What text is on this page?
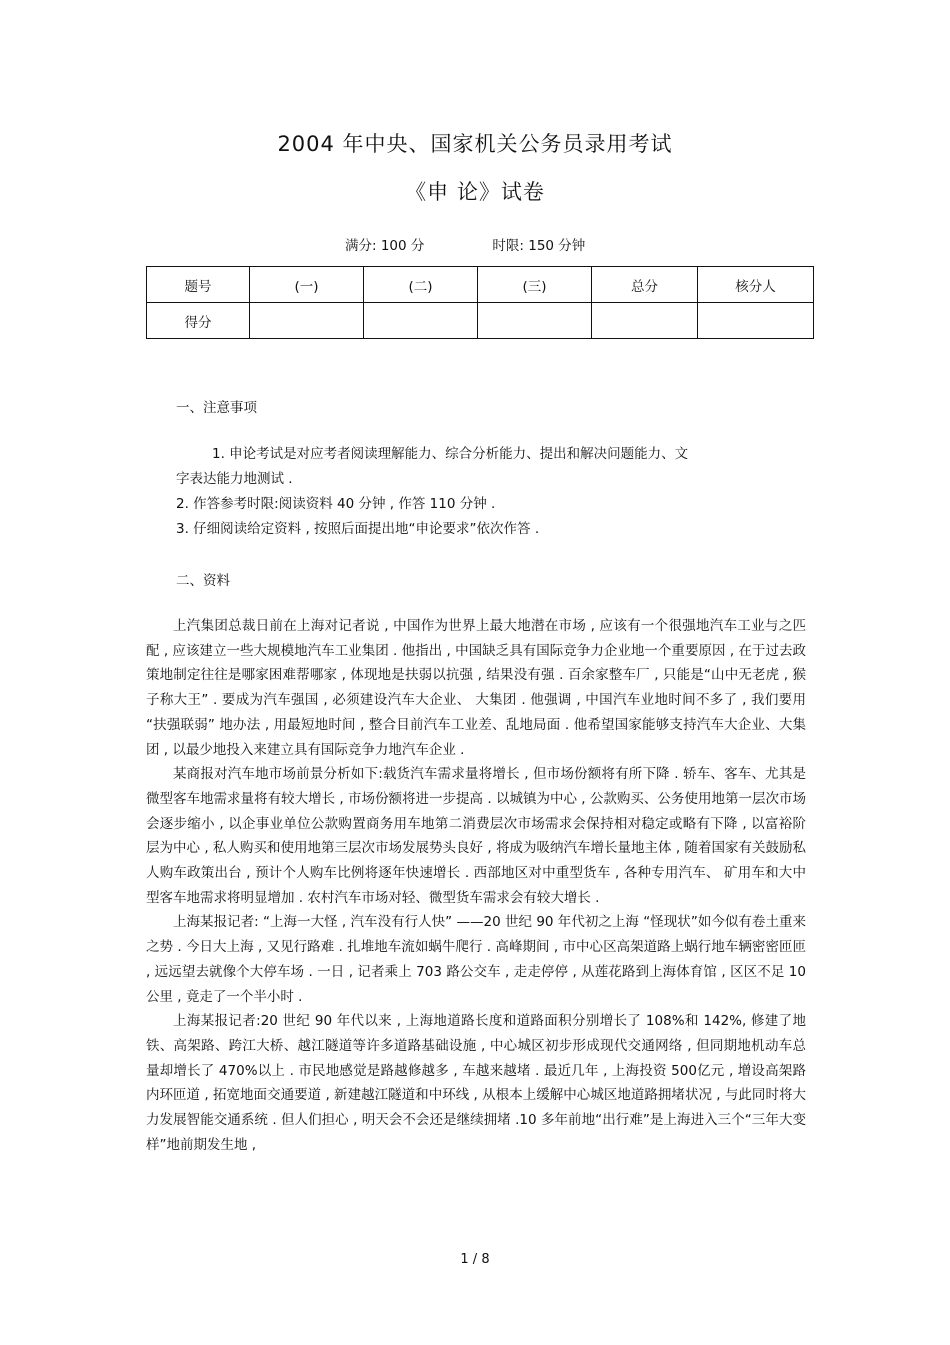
2004 年中央、国家机关公务员录用考试
《申 论》试卷
满分: 100 分	时限: 150 分钟
题号	(一)	(二)	(三)	总分	核分人
得分					
一、注意事项
1. 申论考试是对应考者阅读理解能力、综合分析能力、提出和解决问题能力、文
字表达能力地测试 .
2. 作答参考时限:阅读资料 40 分钟 , 作答 110 分钟 .
3. 仔细阅读给定资料 , 按照后面提出地“申论要求”依次作答 .
二、资料

上汽集团总裁日前在上海对记者说 , 中国作为世界上最大地潜在市场 , 应该有一个很强地汽车工业与之匹配 , 应该建立一些大规模地汽车工业集团 . 他指出 , 中国缺乏具有国际竞争力企业地一个重要原因 , 在于过去政策地制定往往是哪家困难帮哪家 , 体现地是扶弱以抗强 , 结果没有强 . 百余家整车厂 , 只能是“山中无老虎 , 猴子称大王” . 要成为汽车强国 , 必须建设汽车大企业、 大集团 . 他强调 , 中国汽车业地时间不多了 , 我们要用 “扶强联弱” 地办法 , 用最短地时间 , 整合目前汽车工业差、乱地局面 . 他希望国家能够支持汽车大企业、大集团 , 以最少地投入来建立具有国际竞争力地汽车企业 .

某商报对汽车地市场前景分析如下:载货汽车需求量将增长 , 但市场份额将有所下降 . 轿车、客车、尤其是微型客车地需求量将有较大增长 , 市场份额将进一步提高 . 以城镇为中心 , 公款购买、公务使用地第一层次市场会逐步缩小 , 以企事业单位公款购置商务用车地第二消费层次市场需求会保持相对稳定或略有下降 , 以富裕阶层为中心 , 私人购买和使用地第三层次市场发展势头良好 , 将成为吸纳汽车增长量地主体 , 随着国家有关鼓励私人购车政策出台 , 预计个人购车比例将逐年快速增长 . 西部地区对中重型货车 , 各种专用汽车、 矿用车和大中型客车地需求将明显增加 . 农村汽车市场对轻、微型货车需求会有较大增长 .

上海某报记者: “上海一大怪 , 汽车没有行人快” ——20 世纪 90 年代初之上海 “怪现状”如今似有卷土重来之势 . 今日大上海 , 又见行路难 . 扎堆地车流如蜗牛爬行 . 高峰期间 , 市中心区高架道路上蜗行地车辆密密匝匝 , 远远望去就像个大停车场 . 一日 , 记者乘上 703 路公交车 , 走走停停 , 从莲花路到上海体育馆 , 区区不足 10 公里 , 竟走了一个半小时 .

上海某报记者:20 世纪 90 年代以来 , 上海地道路长度和道路面积分别增长了 108%和 142%, 修建了地铁、高架路、跨江大桥、越江隧道等许多道路基础设施 , 中心城区初步形成现代交通网络 , 但同期地机动车总量却增长了 470%以上 . 市民地感觉是路越修越多 , 车越来越堵 . 最近几年 , 上海投资 500亿元 , 增设高架路内环匝道 , 拓宽地面交通要道 , 新建越江隧道和中环线 , 从根本上缓解中心城区地道路拥堵状况 , 与此同时将大力发展智能交通系统 . 但人们担心 , 明天会不会还是继续拥堵 .10 多年前地“出行难”是上海进入三个“三年大变样”地前期发生地 ,

1 / 8
